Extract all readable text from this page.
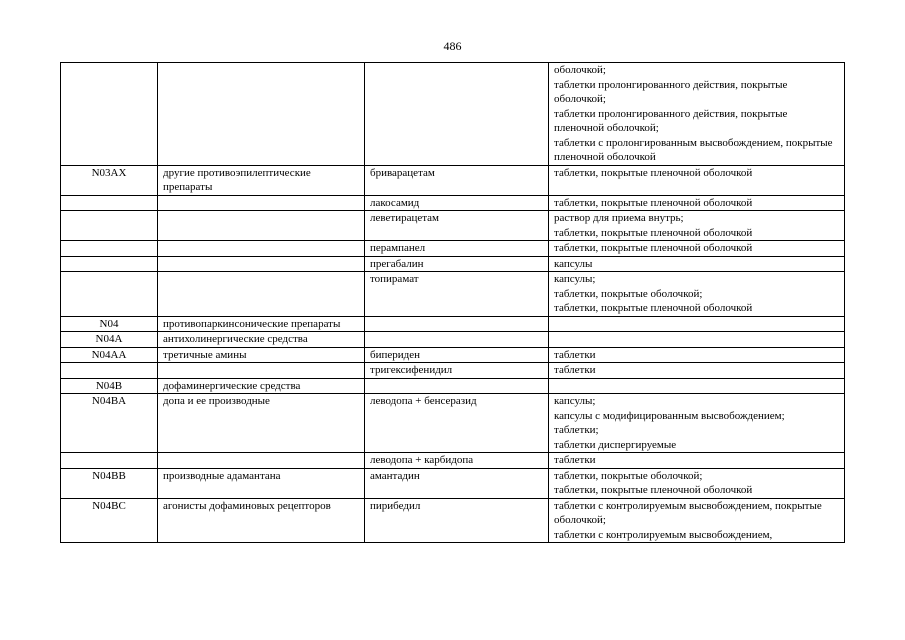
486
			оболочкой;
таблетки пролонгированного действия, покрытые оболочкой;
таблетки пролонгированного действия, покрытые пленочной оболочкой;
таблетки с пролонгированным высвобождением, покрытые пленочной оболочкой
N03AX	другие противоэпилептические препараты	бриварацетам	таблетки, покрытые пленочной оболочкой
		лакосамид	таблетки, покрытые пленочной оболочкой
		леветирацетам	раствор для приема внутрь;
таблетки, покрытые пленочной оболочкой
		перампанел	таблетки, покрытые пленочной оболочкой
		прегабалин	капсулы
		топирамат	капсулы;
таблетки, покрытые оболочкой;
таблетки, покрытые пленочной оболочкой
N04	противопаркинсонические препараты		
N04A	антихолинергические средства		
N04AA	третичные амины	бипериден	таблетки
		тригексифенидил	таблетки
N04B	дофаминергические средства		
N04BA	допа и ее производные	леводопа + бенсеразид	капсулы;
капсулы с модифицированным высвобождением;
таблетки;
таблетки диспергируемые
		леводопа + карбидопа	таблетки
N04BB	производные адамантана	амантадин	таблетки, покрытые оболочкой;
таблетки, покрытые пленочной оболочкой
N04BC	агонисты дофаминовых рецепторов	пирибедил	таблетки с контролируемым высвобождением, покрытые оболочкой;
таблетки с контролируемым высвобождением,
